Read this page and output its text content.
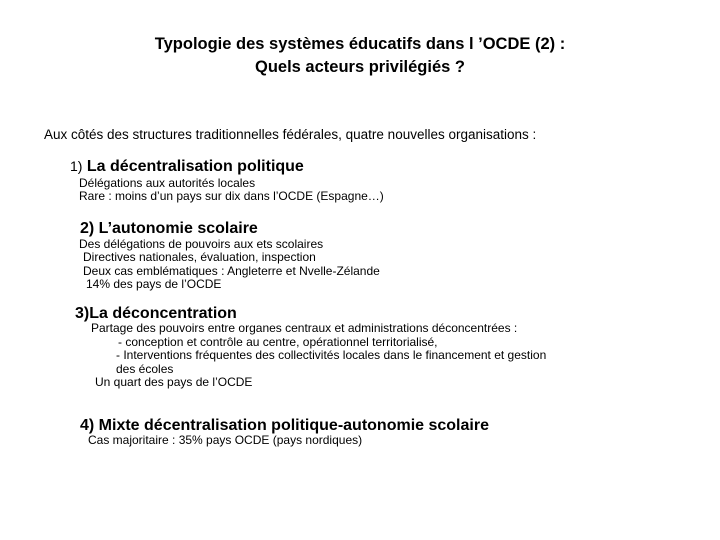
Typologie des systèmes éducatifs dans l ’OCDE (2) :
Quels acteurs privilégiés ?
Aux côtés des structures traditionnelles fédérales, quatre nouvelles organisations :
1) La décentralisation politique
Délégations aux autorités locales
Rare : moins d’un pays sur dix dans l’OCDE (Espagne…)
2) L’autonomie scolaire
Des délégations de pouvoirs aux ets scolaires
Directives nationales, évaluation, inspection
Deux cas emblématiques : Angleterre et Nvelle-Zélande
14% des pays de l’OCDE
3)La déconcentration
Partage des pouvoirs entre organes centraux et administrations déconcentrées :
- conception et contrôle au centre, opérationnel territorialisé,
- Interventions fréquentes des collectivités locales dans le financement et gestion
des écoles
Un quart des pays de l’OCDE
4) Mixte décentralisation politique-autonomie scolaire
Cas majoritaire : 35% pays OCDE (pays nordiques)
